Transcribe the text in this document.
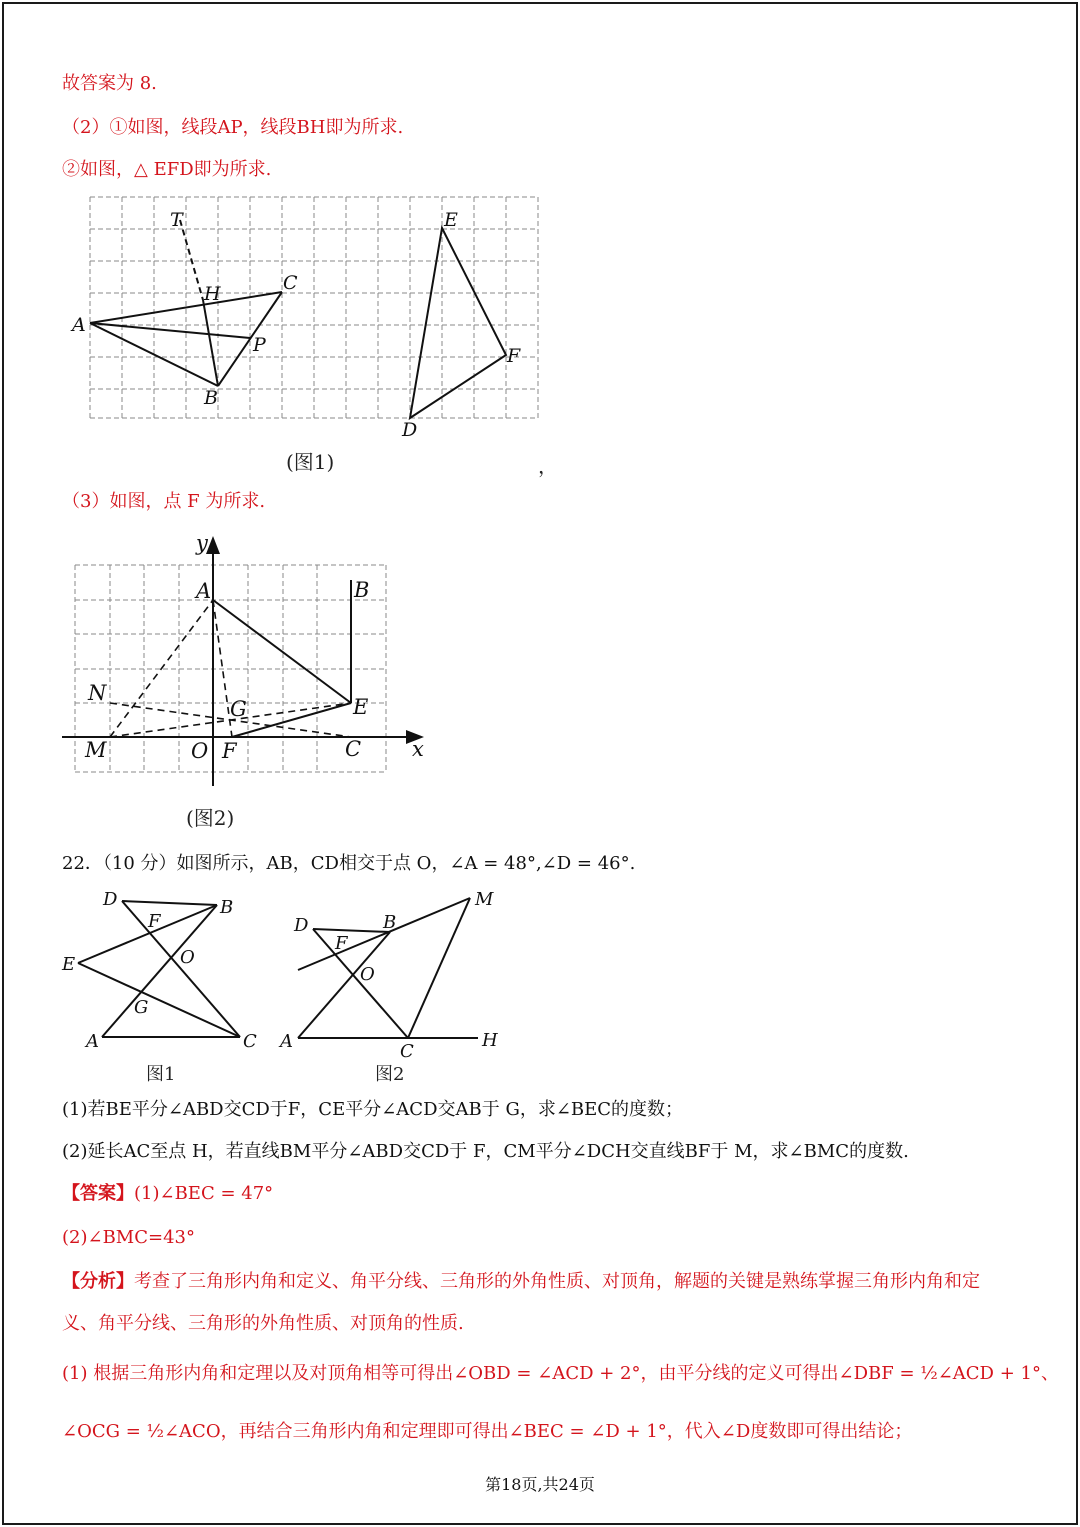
故答案为 8.
（2）①如图，线段AP，线段BH即为所求.
②如图，△ EFD即为所求.
T
H	C
A
P
B
E
F
D
(图1)	，
（3）如图，点 F 为所求.
y
A	B
N
G	E
M	O F	C x
(图2)
22．（10 分）如图所示，AB，CD相交于点 O，∠A = 48°,∠D = 46°.
D	B
F
E	O
G
A	C
图1
D	B
M
F
O
A	C
H
图2
(1)若BE平分∠ABD交CD于F，CE平分∠ACD交AB于 G，求∠BEC的度数；
(2)延长AC至点 H，若直线BM平分∠ABD交CD于 F，CM平分∠DCH交直线BF于 M，求∠BMC的度数.
【答案】(1)∠BEC = 47°
(2)∠BMC=43°
【分析】考查了三角形内角和定义、角平分线、三角形的外角性质、对顶角，解题的关键是熟练掌握三角形内角和定
义、角平分线、三角形的外角性质、对顶角的性质.
(1) 根据三角形内角和定理以及对顶角相等可得出∠OBD = ∠ACD + 2°，由平分线的定义可得出∠DBF = ½∠ACD + 1°、
∠OCG = ½∠ACO，再结合三角形内角和定理即可得出∠BEC = ∠D + 1°，代入∠D度数即可得出结论；
第18页,共24页
